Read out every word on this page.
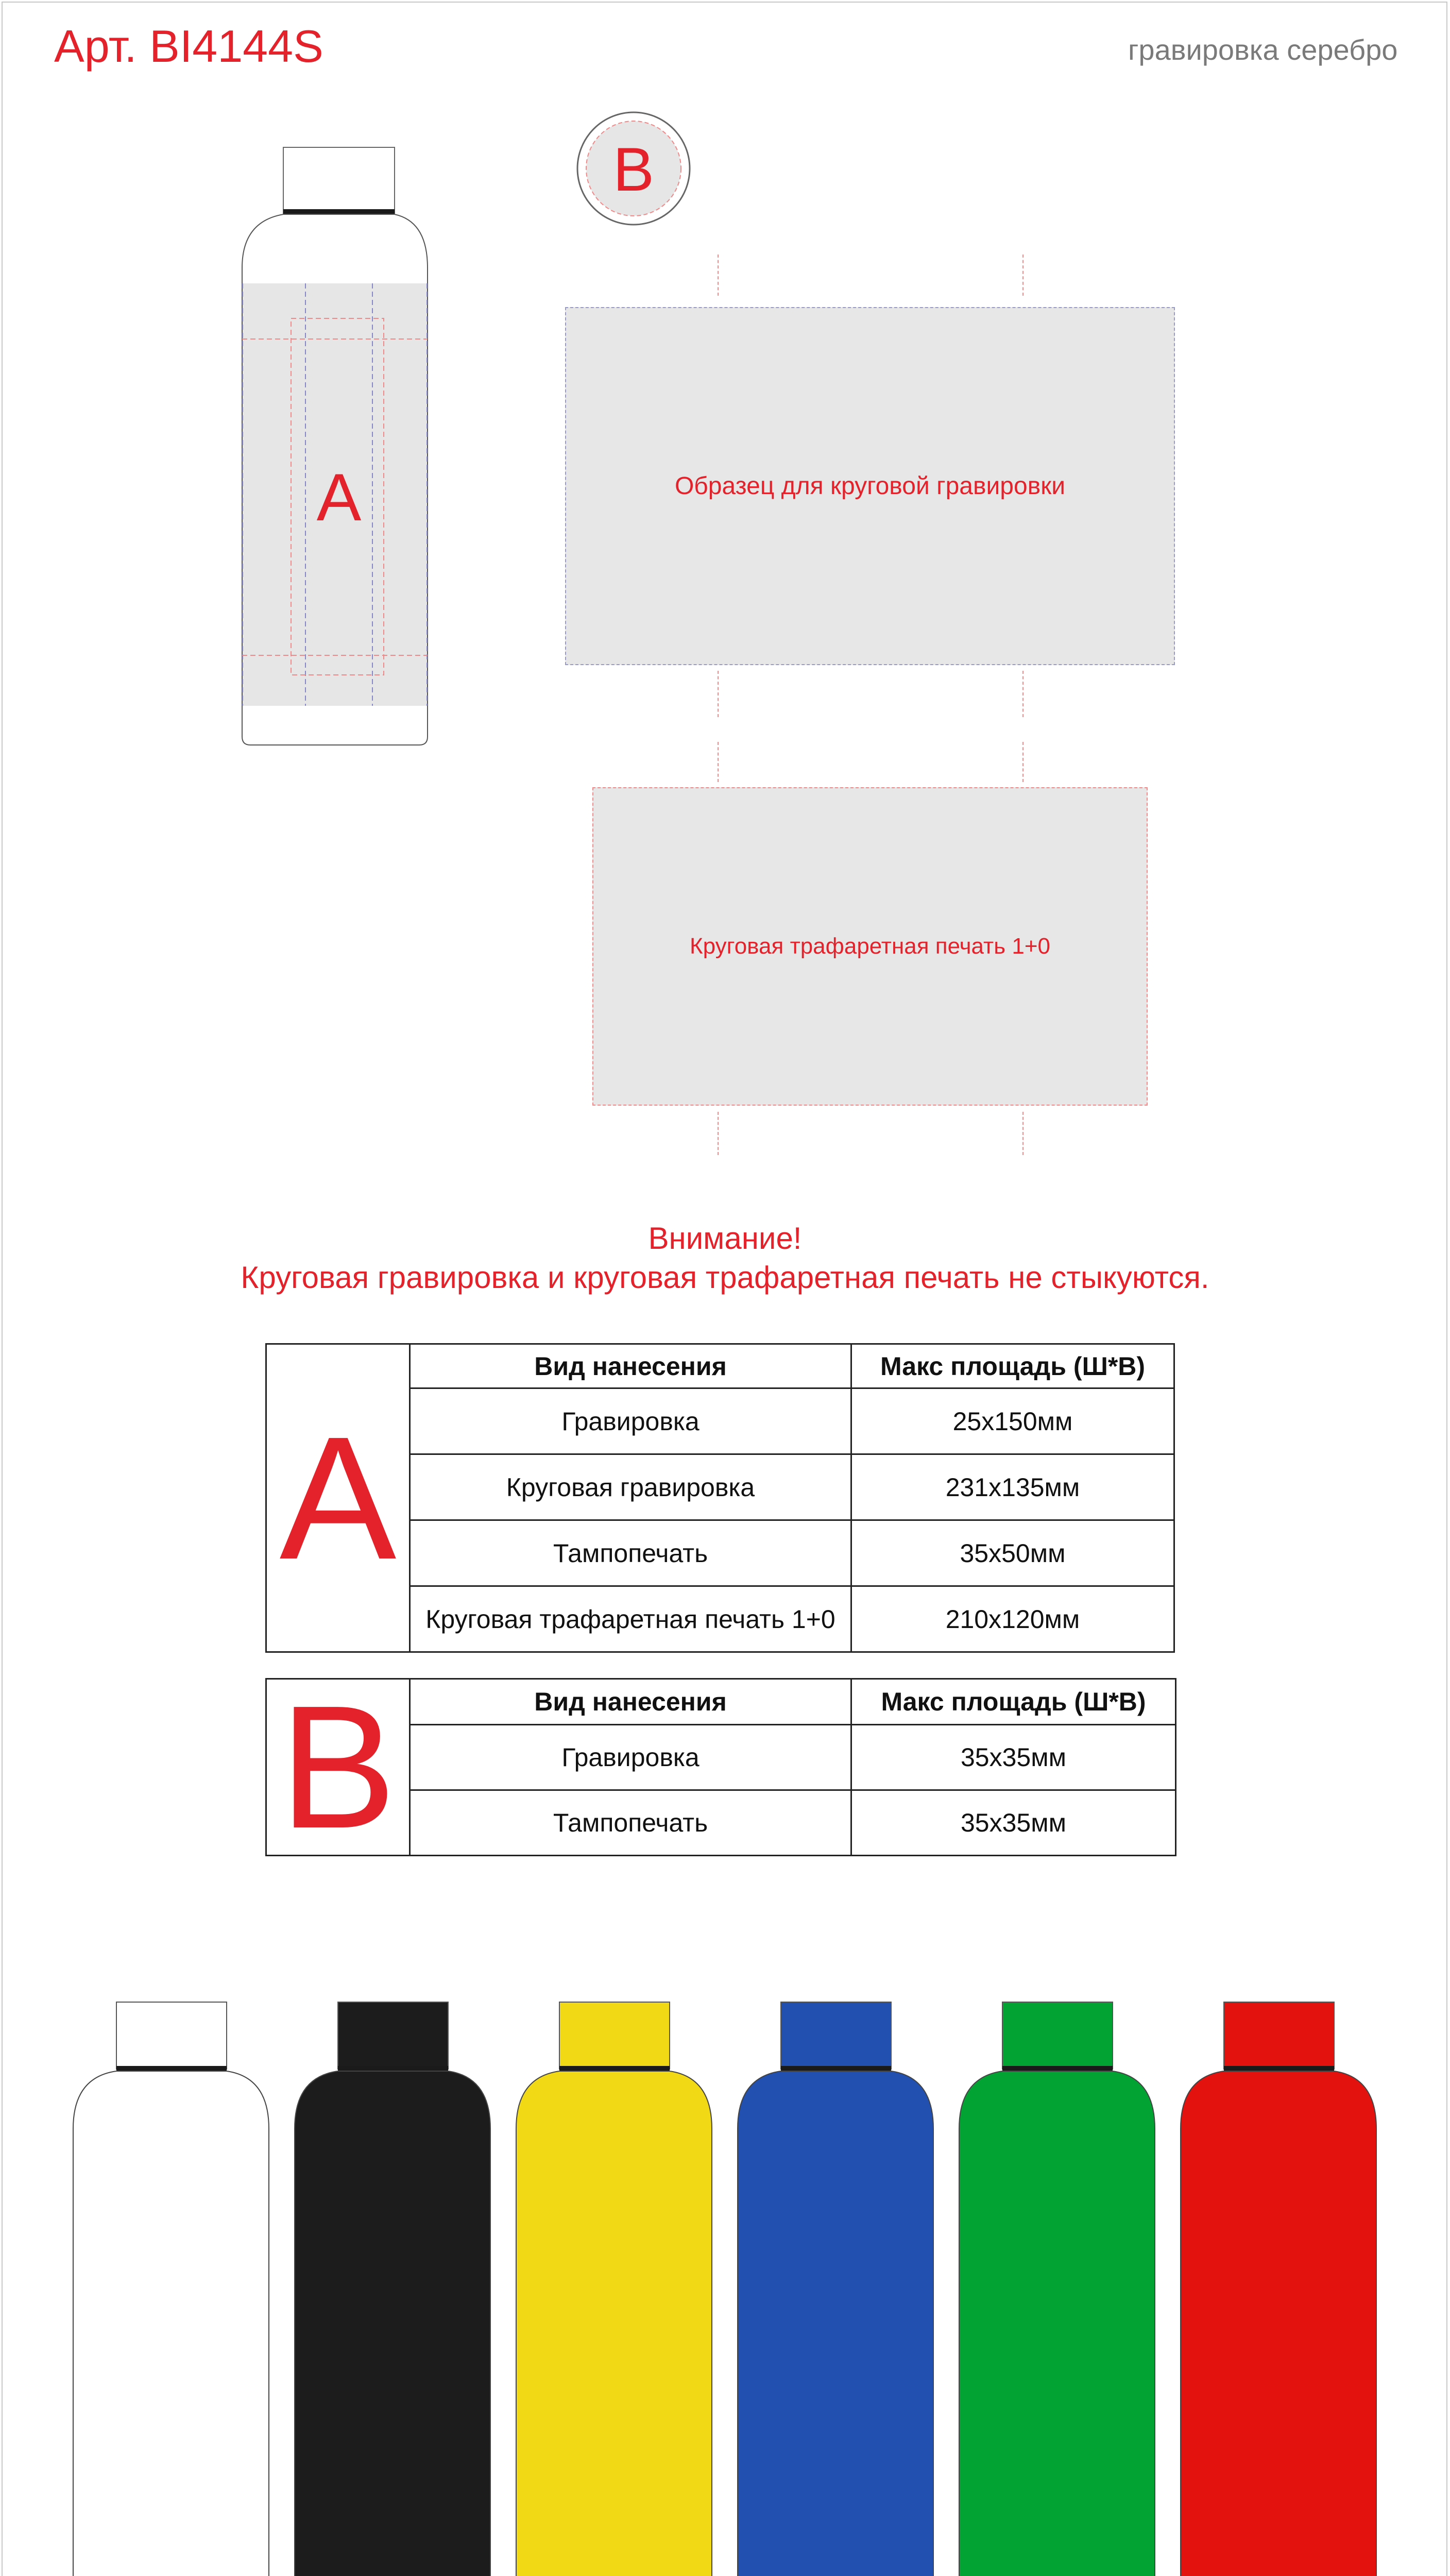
Арт. BI4144S	гравировка серебро
A
B
Образец для круговой гравировки
Круговая трафаретная печать 1+0
Внимание!
Круговая гравировка и круговая трафаретная печать не стыкуются.
A	Вид нанесения	Макс площадь (Ш*В)
	Гравировка	25x150мм
	Круговая гравировка	231x135мм
	Тампопечать	35x50мм
	Круговая трафаретная печать 1+0	210x120мм
B	Вид нанесения	Макс площадь (Ш*В)
	Гравировка	35x35мм
	Тампопечать	35x35мм
